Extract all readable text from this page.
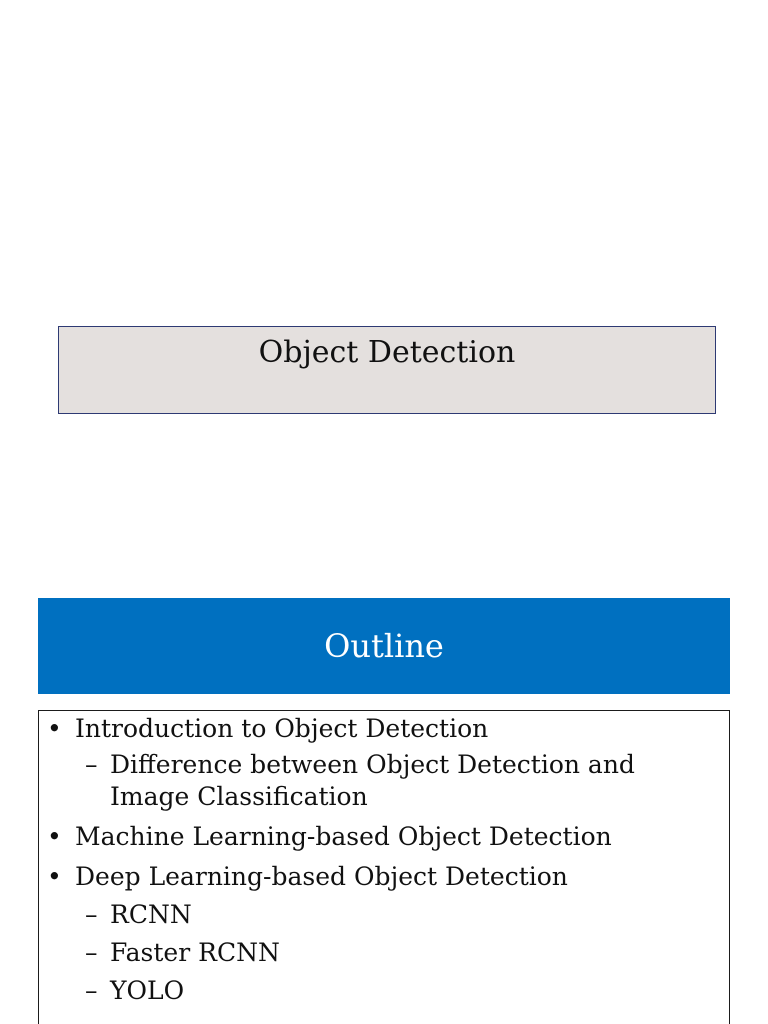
Object Detection
Outline
• Introduction to Object Detection
– Difference between Object Detection and Image Classification
• Machine Learning-based Object Detection
• Deep Learning-based Object Detection
– RCNN
– Faster RCNN
– YOLO
